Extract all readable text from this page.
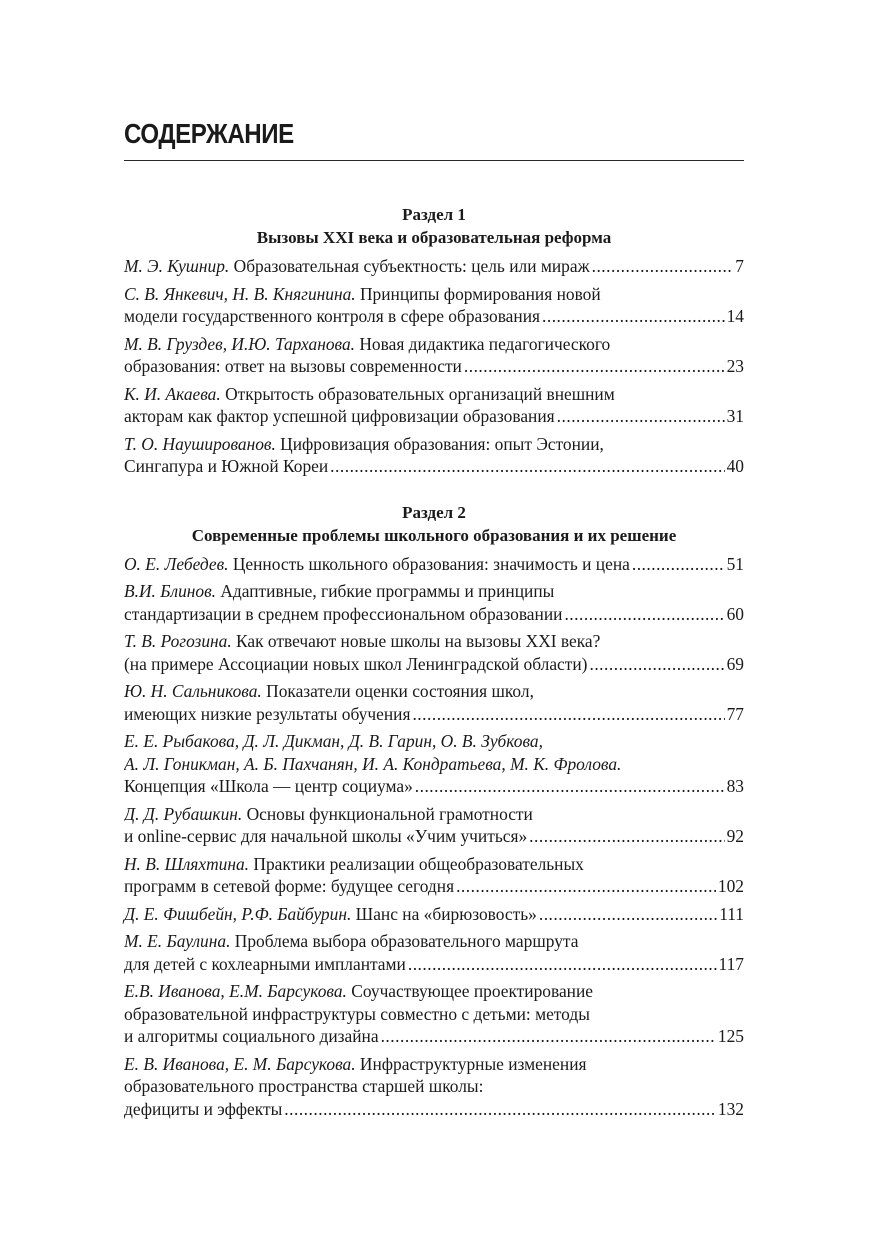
СОДЕРЖАНИЕ
Раздел 1
Вызовы XXI века и образовательная реформа
М. Э. Кушнир. Образовательная субъектность: цель или мираж .....	7
С. В. Янкевич, Н. В. Княгинина. Принципы формирования новой
модели государственного контроля в сфере образования .....	14
М. В. Груздев, И.Ю. Тарханова. Новая дидактика педагогического
образования: ответ на вызовы современности .....	23
К. И. Акаева. Открытость образовательных организаций внешним
акторам как фактор успешной цифровизации образования .....	31
Т. О. Наушированов. Цифровизация образования: опыт Эстонии,
Сингапура и Южной Кореи .....	40
Раздел 2
Современные проблемы школьного образования и их решение
О. Е. Лебедев. Ценность школьного образования: значимость и цена .....	51
В.И. Блинов. Адаптивные, гибкие программы и принципы
стандартизации в среднем профессиональном образовании .....	60
Т. В. Рогозина. Как отвечают новые школы на вызовы XXI века?
(на примере Ассоциации новых школ Ленинградской области) .....	69
Ю. Н. Сальникова. Показатели оценки состояния школ,
имеющих низкие результаты обучения .....	77
Е. Е. Рыбакова, Д. Л. Дикман, Д. В. Гарин, О. В. Зубкова,
А. Л. Гоникман, А. Б. Пахчанян, И. А. Кондратьева, М. К. Фролова.
Концепция «Школа — центр социума» .....	83
Д. Д. Рубашкин. Основы функциональной грамотности
и online-сервис для начальной школы «Учим учиться» .....	92
Н. В. Шляхтина. Практики реализации общеобразовательных
программ в сетевой форме: будущее сегодня .....	102
Д. Е. Фишбейн, Р.Ф. Байбурин. Шанс на «бирюзовость» .....	111
М. Е. Баулина. Проблема выбора образовательного маршрута
для детей с кохлеарными имплантами .....	117
Е.В. Иванова, Е.М. Барсукова. Соучаствующее проектирование
образовательной инфраструктуры совместно с детьми: методы
и алгоритмы социального дизайна .....	125
Е. В. Иванова, Е. М. Барсукова. Инфраструктурные изменения
образовательного пространства старшей школы:
дефициты и эффекты .....	132
